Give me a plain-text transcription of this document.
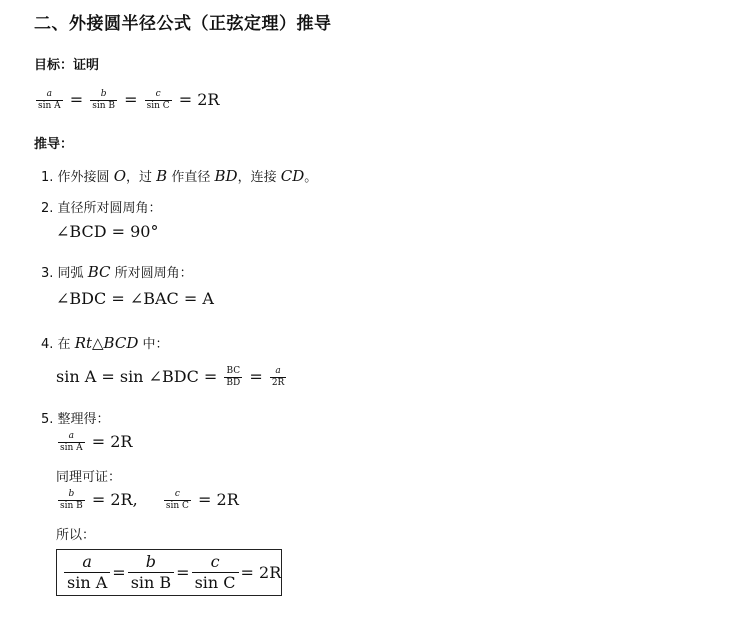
二、外接圆半径公式（正弦定理）推导
目标：证明
$\frac{a}{\text{sin A}} = \frac{b}{\text{sin B}} = \frac{c}{\text{sin C}} = 2R$
推导：
1. 作外接圆 O，过 B 作直径 BD，连接 CD。
2. 直径所对圆周角：
∠BCD = 90°
3. 同弧 BC 所对圆周角：
∠BDC = ∠BAC = A
4. 在 Rt△BCD 中：
sin A = sin ∠BDC = $\frac{BC}{BD} = \frac{a}{2R}$
5. 整理得：
$\frac{a}{\text{sin A}} = 2R$
同理可证：
$\frac{b}{\text{sin B}} = 2R$,	$\frac{c}{\text{sin C}} = 2R$
所以：
$\frac{a}{\text{sin A}} = \frac{b}{\text{sin B}} = \frac{c}{\text{sin C}} = 2R$
